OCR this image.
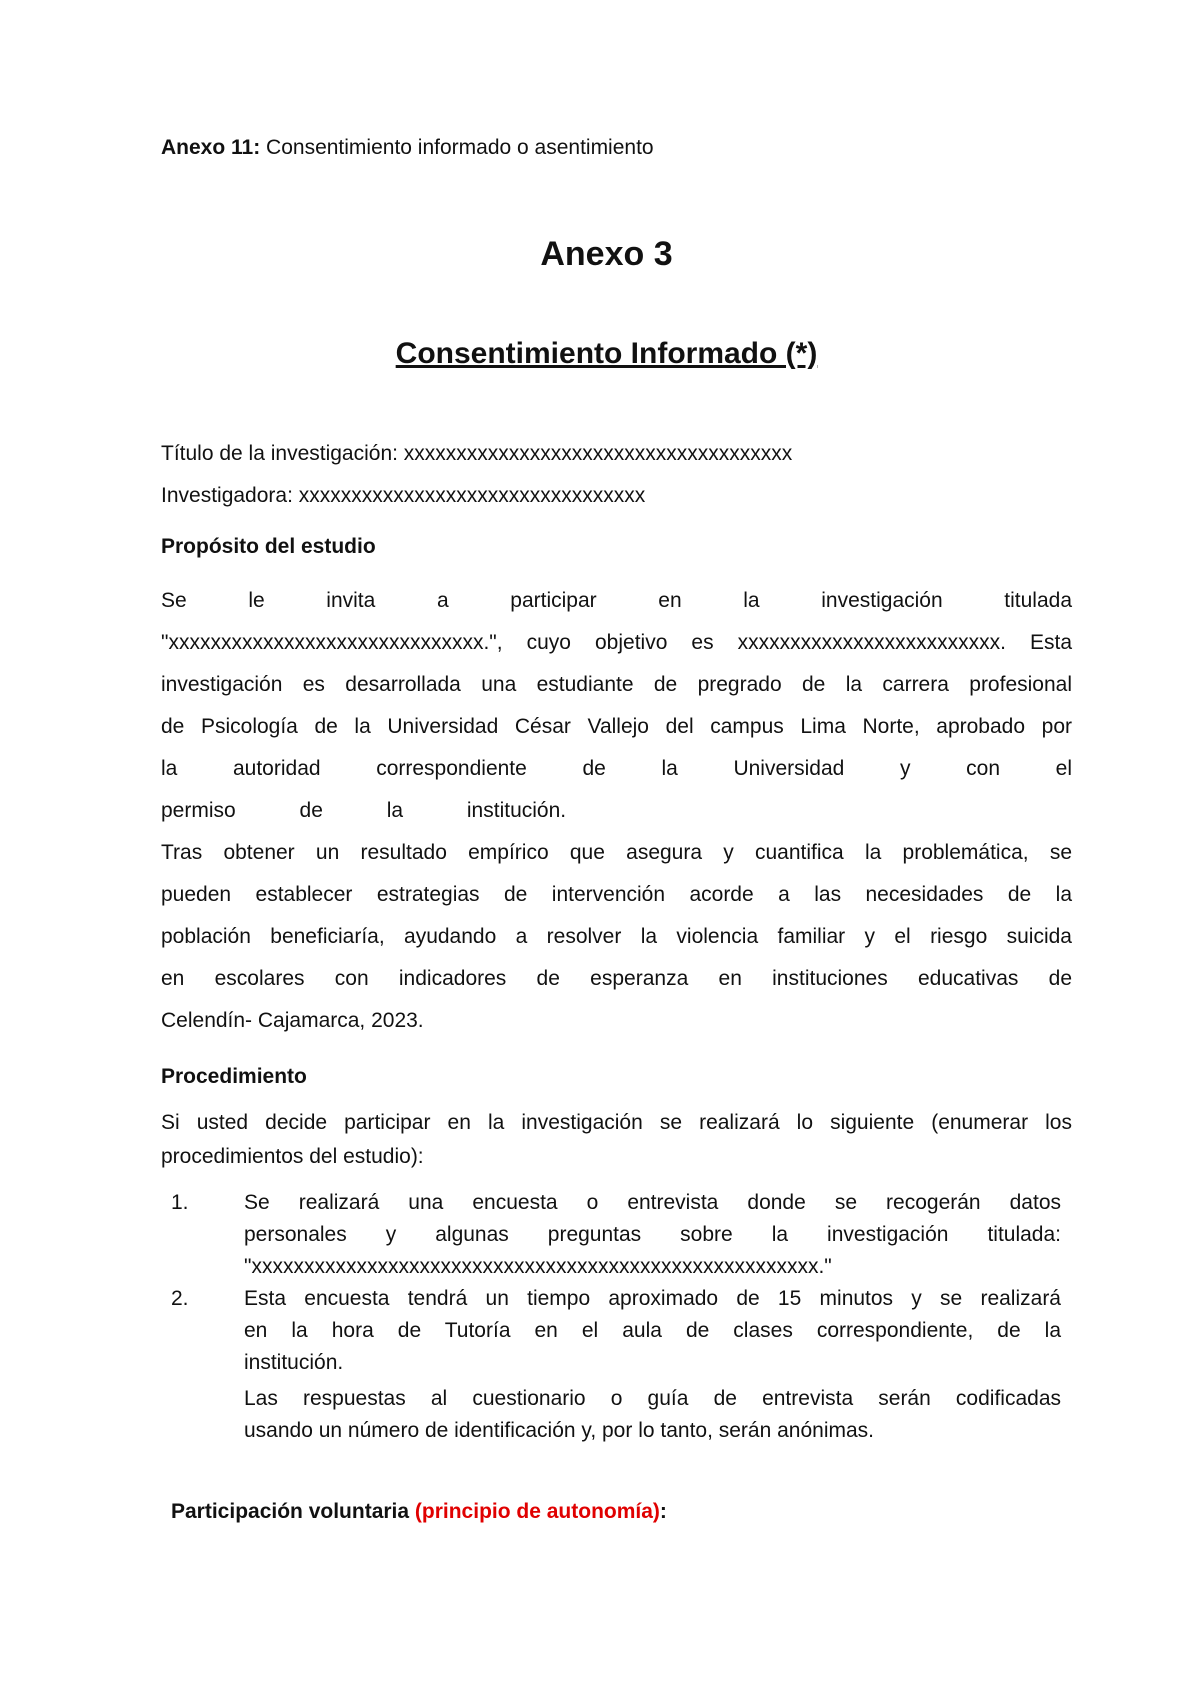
Anexo 11: Consentimiento informado o asentimiento
Anexo 3
Consentimiento Informado (*)
Título de la investigación: xxxxxxxxxxxxxxxxxxxxxxxxxxxxxxxxxxxxx
Investigadora: xxxxxxxxxxxxxxxxxxxxxxxxxxxxxxxxx
Propósito del estudio
Se le invita a participar en la investigación titulada
"xxxxxxxxxxxxxxxxxxxxxxxxxxxxxx.", cuyo objetivo es xxxxxxxxxxxxxxxxxxxxxxxxx. Esta
investigación es desarrollada una estudiante de pregrado de la carrera profesional
de Psicología de la Universidad César Vallejo del campus Lima Norte, aprobado por
la autoridad correspondiente de la Universidad y con el
permiso de la institución.
Tras obtener un resultado empírico que asegura y cuantifica la problemática, se
pueden establecer estrategias de intervención acorde a las necesidades de la
población beneficiaría, ayudando a resolver la violencia familiar y el riesgo suicida
en escolares con indicadores de esperanza en instituciones educativas de
Celendín- Cajamarca, 2023.
Procedimiento
Si usted decide participar en la investigación se realizará lo siguiente (enumerar los
procedimientos del estudio):
1.	Se realizará una encuesta o entrevista donde se recogerán datos
personales y algunas preguntas sobre la investigación titulada:
"xxxxxxxxxxxxxxxxxxxxxxxxxxxxxxxxxxxxxxxxxxxxxxxxxxxxxx."
2.	Esta encuesta tendrá un tiempo aproximado de 15 minutos y se realizará
en la hora de Tutoría en el aula de clases correspondiente, de la
institución.
Las respuestas al cuestionario o guía de entrevista serán codificadas
usando un número de identificación y, por lo tanto, serán anónimas.
Participación voluntaria (principio de autonomía):
